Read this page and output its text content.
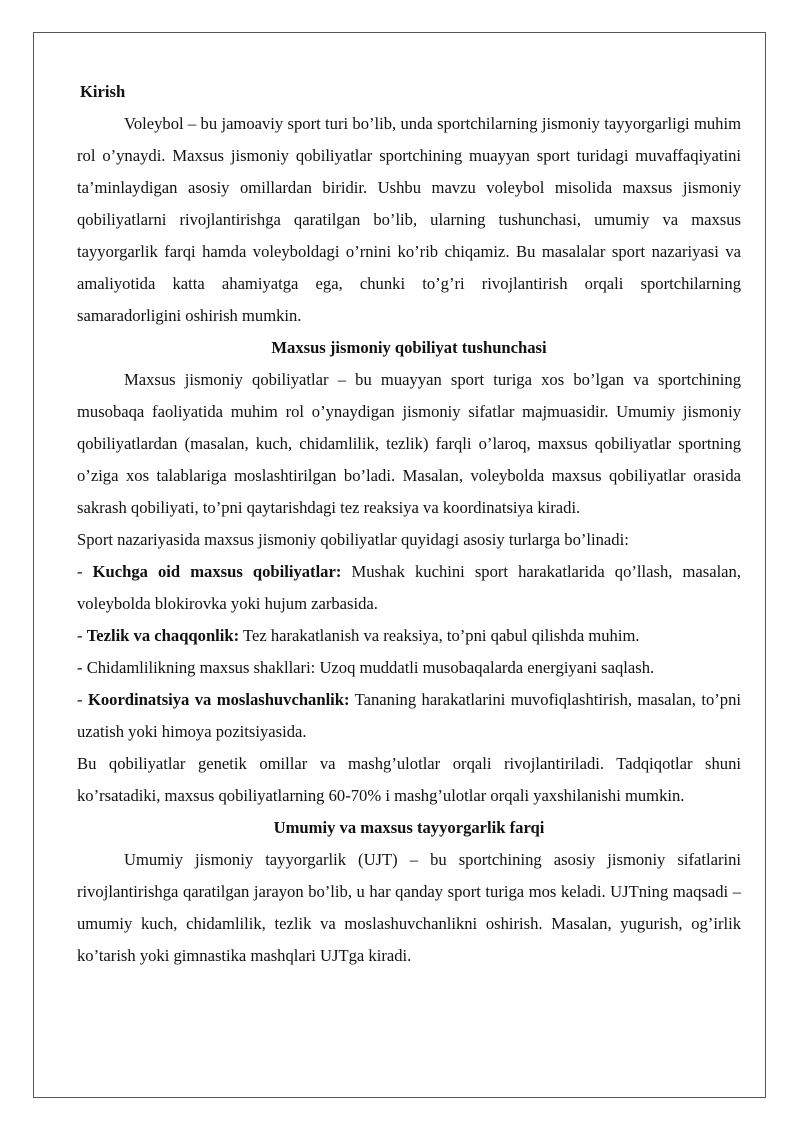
Kirish

Voleybol – bu jamoaviy sport turi bo’lib, unda sportchilarning jismoniy tayyorgarligi muhim rol o’ynaydi. Maxsus jismoniy qobiliyatlar sportchining muayyan sport turidagi muvaffaqiyatini ta’minlaydigan asosiy omillardan biridir. Ushbu mavzu voleybol misolida maxsus jismoniy qobiliyatlarni rivojlantirishga qaratilgan bo’lib, ularning tushunchasi, umumiy va maxsus tayyorgarlik farqi hamda voleyboldagi o’rnini ko’rib chiqamiz. Bu masalalar sport nazariyasi va amaliyotida katta ahamiyatga ega, chunki to’g’ri rivojlantirish orqali sportchilarning samaradorligini oshirish mumkin.

Maxsus jismoniy qobiliyat tushunchasi

Maxsus jismoniy qobiliyatlar – bu muayyan sport turiga xos bo’lgan va sportchining musobaqa faoliyatida muhim rol o’ynaydigan jismoniy sifatlar majmuasidir. Umumiy jismoniy qobiliyatlardan (masalan, kuch, chidamlilik, tezlik) farqli o’laroq, maxsus qobiliyatlar sportning o’ziga xos talablariga moslashtirilgan bo’ladi. Masalan, voleybolda maxsus qobiliyatlar orasida sakrash qobiliyati, to’pni qaytarishdagi tez reaksiya va koordinatsiya kiradi.

Sport nazariyasida maxsus jismoniy qobiliyatlar quyidagi asosiy turlarga bo’linadi:

- Kuchga oid maxsus qobiliyatlar: Mushak kuchini sport harakatlarida qo’llash, masalan, voleybolda blokirovka yoki hujum zarbasida.

- Tezlik va chaqqonlik: Tez harakatlanish va reaksiya, to’pni qabul qilishda muhim.

- Chidamlilikning maxsus shakllari: Uzoq muddatli musobaqalarda energiyani saqlash.

- Koordinatsiya va moslashuvchanlik: Tananing harakatlarini muvofiqlashtirish, masalan, to’pni uzatish yoki himoya pozitsiyasida.

Bu qobiliyatlar genetik omillar va mashg’ulotlar orqali rivojlantiriladi. Tadqiqotlar shuni ko’rsatadiki, maxsus qobiliyatlarning 60-70% i mashg’ulotlar orqali yaxshilanishi mumkin.

Umumiy va maxsus tayyorgarlik farqi

Umumiy jismoniy tayyorgarlik (UJT) – bu sportchining asosiy jismoniy sifatlarini rivojlantirishga qaratilgan jarayon bo’lib, u har qanday sport turiga mos keladi. UJTning maqsadi – umumiy kuch, chidamlilik, tezlik va moslashuvchanlikni oshirish. Masalan, yugurish, og’irlik ko’tarish yoki gimnastika mashqlari UJTga kiradi.
